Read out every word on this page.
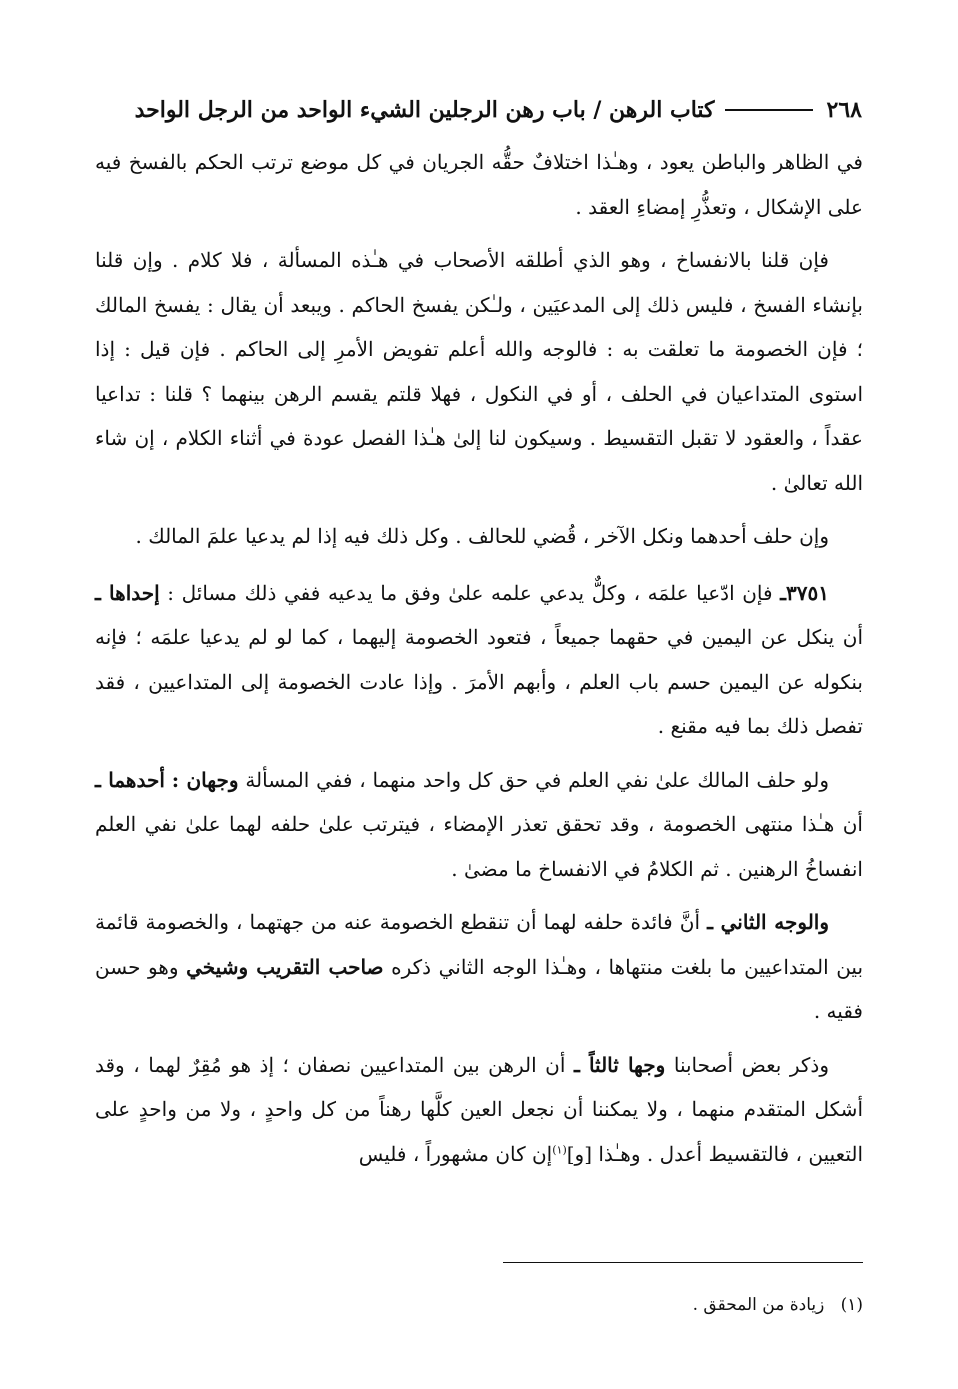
٢٦٨
كتاب الرهن / باب رهن الرجلين الشيء الواحد من الرجل الواحد

في الظاهر والباطن يعود ، وهـٰذا اختلافٌ حقُّه الجريان في كل موضع ترتب الحكم بالفسخ فيه على الإشكال ، وتعذُّرِ إمضاءِ العقد .

فإن قلنا بالانفساخ ، وهو الذي أطلقه الأصحاب في هـٰذه المسألة ، فلا كلام . وإن قلنا بإنشاء الفسخ ، فليس ذلك إلى المدعيَين ، ولـٰكن يفسخ الحاكم . ويبعد أن يقال : يفسخ المالك ؛ فإن الخصومة ما تعلقت به : فالوجه والله أعلم تفويض الأمرِ إلى الحاكم . فإن قيل : إذا استوى المتداعيان في الحلف ، أو في النكول ، فهلا قلتم يقسم الرهن بينهما ؟ قلنا : تداعيا عقداً ، والعقود لا تقبل التقسيط . وسيكون لنا إلىٰ هـٰذا الفصل عودة في أثناء الكلام ، إن شاء الله تعالىٰ .

وإن حلف أحدهما ونكل الآخر ، قُضي للحالف . وكل ذلك فيه إذا لم يدعيا علمَ المالك .

٣٧٥١ـ فإن ادّعيا علمَه ، وكلٌّ يدعي علمه علىٰ وفق ما يدعيه ففي ذلك مسائل : إحداها ـ أن ينكل عن اليمين في حقهما جميعاً ، فتعود الخصومة إليهما ، كما لو لم يدعيا علمَه ؛ فإنه بنكوله عن اليمين حسم باب العلم ، وأبهم الأمرَ . وإذا عادت الخصومة إلى المتداعيين ، فقد تفصل ذلك بما فيه مقنع .

ولو حلف المالك علىٰ نفي العلم في حق كل واحد منهما ، ففي المسألة وجهان : أحدهما ـ أن هـٰذا منتهى الخصومة ، وقد تحقق تعذر الإمضاء ، فيترتب علىٰ حلفه لهما علىٰ نفي العلم انفساخُ الرهنين . ثم الكلامُ في الانفساخ ما مضىٰ .

والوجه الثاني ـ أنَّ فائدة حلفه لهما أن تنقطع الخصومة عنه من جهتهما ، والخصومة قائمة بين المتداعيين ما بلغت منتهاها ، وهـٰذا الوجه الثاني ذكره صاحب التقريب وشيخي وهو حسن فقيه .

وذكر بعض أصحابنا وجها ثالثاً ـ أن الرهن بين المتداعيين نصفان ؛ إذ هو مُقِرٌ لهما ، وقد أشكل المتقدم منهما ، ولا يمكننا أن نجعل العين كلَّها رهناً من كل واحدٍ ، ولا من واحدٍ على التعيين ، فالتقسيط أعدل . وهـٰذا [و]$^{(١)}$إن كان مشهوراً ، فليس

(١)   زيادة من المحقق .
